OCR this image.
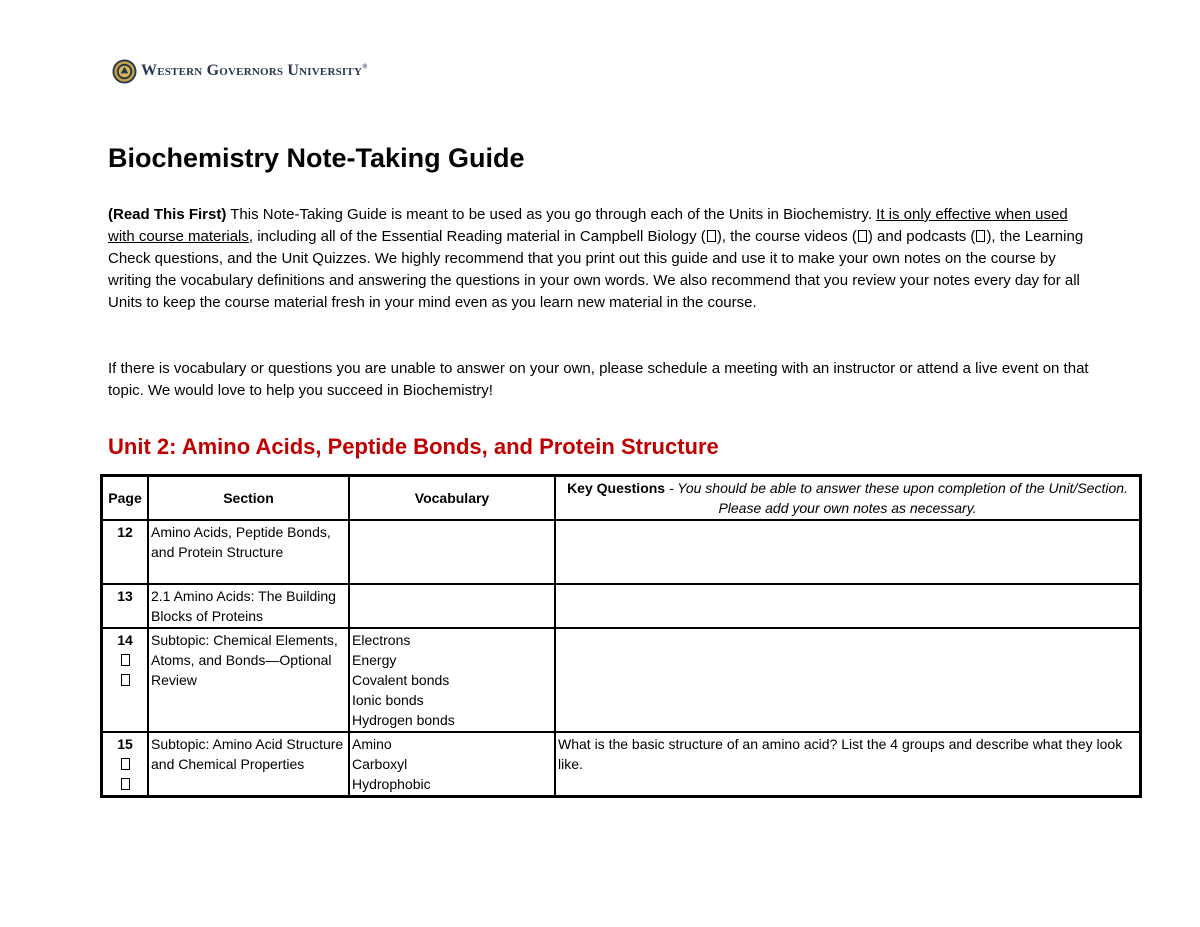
Western Governors University®
Biochemistry Note-Taking Guide

(Read This First) This Note-Taking Guide is meant to be used as you go through each of the Units in Biochemistry. It is only effective when used with course materials, including all of the Essential Reading material in Campbell Biology ( ), the course videos ( ) and podcasts ( ), the Learning Check questions, and the Unit Quizzes. We highly recommend that you print out this guide and use it to make your own notes on the course by writing the vocabulary definitions and answering the questions in your own words. We also recommend that you review your notes every day for all Units to keep the course material fresh in your mind even as you learn new material in the course.

If there is vocabulary or questions you are unable to answer on your own, please schedule a meeting with an instructor or attend a live event on that topic. We would love to help you succeed in Biochemistry!

Unit 2: Amino Acids, Peptide Bonds, and Protein Structure
Page	Section	Vocabulary	Key Questions - You should be able to answer these upon completion of the Unit/Section. Please add your own notes as necessary.

12	Amino Acids, Peptide Bonds, and Protein Structure		

13	2.1 Amino Acids: The Building Blocks of Proteins		

14	Subtopic: Chemical Elements, Atoms, and Bonds—Optional Review	Electrons
Energy
Covalent bonds
Ionic bonds
Hydrogen bonds	

15	Subtopic: Amino Acid Structure and Chemical Properties	Amino
Carboxyl
Hydrophobic	What is the basic structure of an amino acid? List the 4 groups and describe what they look like.
